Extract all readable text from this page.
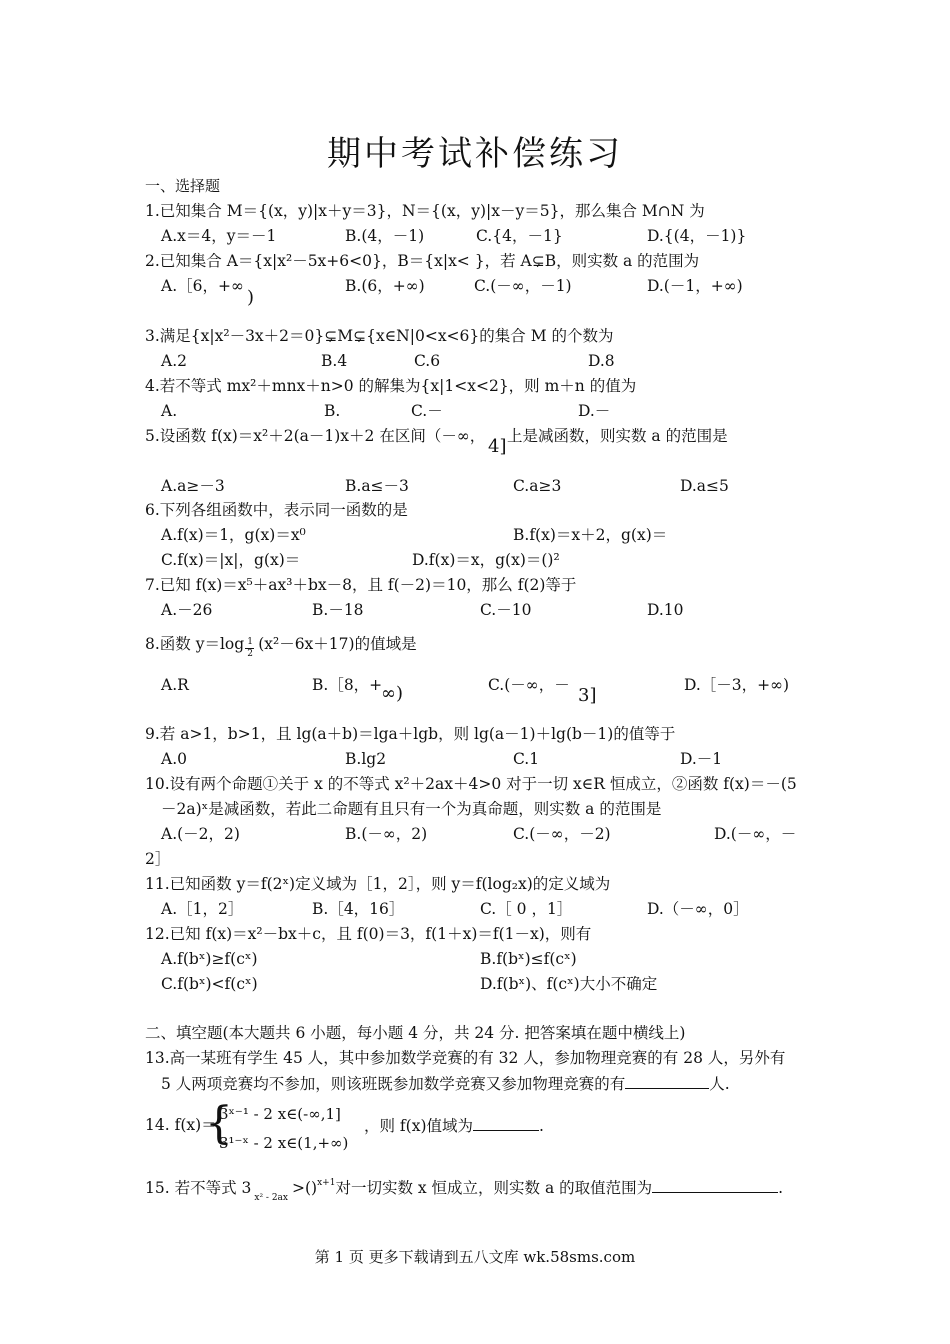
期中考试补偿练习
一、选择题
1.已知集合 M＝{(x，y)|x＋y＝3}，N＝{(x，y)|x－y＝5}，那么集合 M∩N 为
A.x＝4，y＝－1	B.(4，－1)	C.{4，－1}	D.{(4，－1)}
2.已知集合 A＝{x|x²－5x+6<0}，B＝{x|x< }，若 A⊊B，则实数 a 的范围为
A.［6，+∞
)
B.(6，+∞)	C.(－∞，－1)	D.(－1，+∞)
3.满足{x|x²－3x＋2＝0}⊊M⊊{x∈N|0<x<6}的集合 M 的个数为
A.2	B.4	C.6	D.8
4.若不等式 mx²＋mnx＋n>0 的解集为{x|1<x<2}，则 m＋n 的值为
A.	B.	C.－	D.－
5.设函数 f(x)＝x²＋2(a－1)x＋2 在区间（－∞， 4] 上是减函数，则实数 a 的范围是
A.a≥－3	B.a≤－3	C.a≥3	D.a≤5
6.下列各组函数中，表示同一函数的是
A.f(x)＝1，g(x)＝x⁰	B.f(x)＝x＋2，g(x)＝
C.f(x)＝|x|，g(x)＝	D.f(x)＝x，g(x)＝()²
7.已知 f(x)＝x⁵＋ax³＋bx－8，且 f(－2)＝10，那么 f(2)等于
A.－26	B.－18	C.－10	D.10
8.函数 $y=\log \frac{1}{2} (x^2-6x+17)$的值域是
A.R	B.［8，+
∞)	C.(－∞，－ 3]	D.［－3，+∞)
9.若 a>1，b>1，且 lg(a＋b)＝lga＋lgb，则 lg(a－1)＋lg(b－1)的值等于
A.0	B.lg2	C.1	D.－1
10.设有两个命题①关于 x 的不等式 x²＋2ax＋4>0 对于一切 x∈R 恒成立，②函数 f(x)＝－(5
－2a)ˣ是减函数，若此二命题有且只有一个为真命题，则实数 a 的范围是
A.(－2，2)	B.(－∞，2)	C.(－∞，－2)	D.(－∞，－
2］
11.已知函数 y＝f(2ˣ)定义域为［1，2］，则 y＝f(log₂x)的定义域为
A.［1，2］	B.［4，16］	C.［ 0 ，1］	D.（－∞，0］
12.已知 f(x)＝x²－bx＋c，且 f(0)＝3，f(1＋x)＝f(1－x)，则有
A.f(bˣ)≥f(cˣ)	B.f(bˣ)≤f(cˣ)
C.f(bˣ)<f(cˣ)	D.f(bˣ)、f(cˣ)大小不确定
二、填空题(本大题共 6 小题，每小题 4 分，共 24 分. 把答案填在题中横线上)
13.高一某班有学生 45 人，其中参加数学竞赛的有 32 人，参加物理竞赛的有 28 人，另外有
5 人两项竞赛均不参加，则该班既参加数学竞赛又参加物理竞赛的有	人.
14. f(x)＝
{
3ˣ⁻¹ - 2 x∈(-∞,1]
3¹⁻ˣ - 2 x∈(1,+∞)
，则 f(x)值域为	.
15. 若不等式 $3_{x^2 - 2ax}>()^{x+1}$对一切实数 x 恒成立，则实数 a 的取值范围为	.
第 1 页 更多下载请到五八文库 wk.58sms.com
